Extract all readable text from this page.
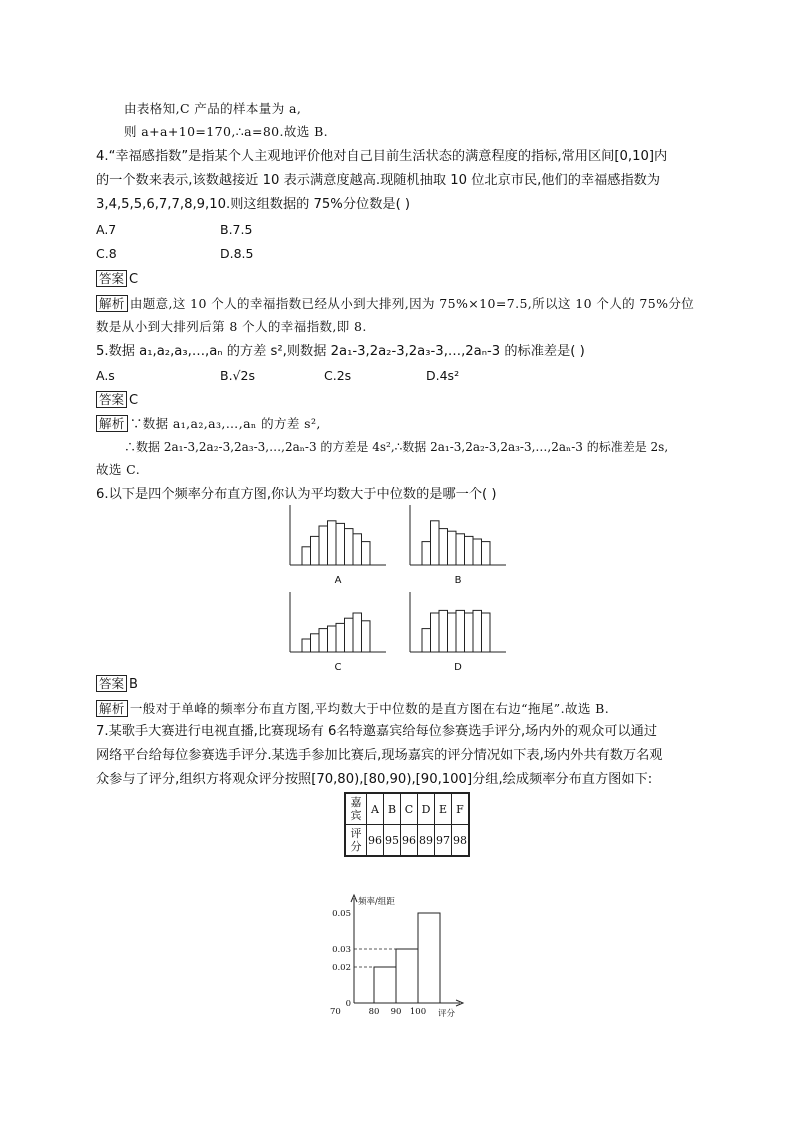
由表格知,C 产品的样本量为 a,
则 a+a+10=170,∴a=80.故选 B.
4.“幸福感指数”是指某个人主观地评价他对自己目前生活状态的满意程度的指标,常用区间[0,10]内
的一个数来表示,该数越接近 10 表示满意度越高.现随机抽取 10 位北京市民,他们的幸福感指数为
3,4,5,5,6,7,7,8,9,10.则这组数据的 75%分位数是( )
A.7	B.7.5
C.8	D.8.5
答案 C
解析 由题意,这 10 个人的幸福指数已经从小到大排列,因为 75%×10=7.5,所以这 10 个人的 75%分位
数是从小到大排列后第 8 个人的幸福指数,即 8.
5.数据 a₁,a₂,a₃,…,aₙ 的方差 s²,则数据 2a₁-3,2a₂-3,2a₃-3,…,2aₙ-3 的标准差是( )
A.s	B.√2s	C.2s	D.4s²
答案 C
解析 ∵数据 a₁,a₂,a₃,…,aₙ 的方差 s²,
∴数据 2a₁-3,2a₂-3,2a₃-3,…,2aₙ-3 的方差是 4s²,∴数据 2a₁-3,2a₂-3,2a₃-3,…,2aₙ-3 的标准差是 2s,
故选 C.
6.以下是四个频率分布直方图,你认为平均数大于中位数的是哪一个( )
A	B
C	D
答案 B
解析 一般对于单峰的频率分布直方图,平均数大于中位数的是直方图在右边“拖尾”.故选 B.
7.某歌手大赛进行电视直播,比赛现场有 6名特邀嘉宾给每位参赛选手评分,场内外的观众可以通过
网络平台给每位参赛选手评分.某选手参加比赛后,现场嘉宾的评分情况如下表,场内外共有数万名观
众参与了评分,组织方将观众评分按照[70,80),[80,90),[90,100]分组,绘成频率分布直方图如下:
嘉宾	A	B	C	D	E	F
评分	96	95	96	89	97	98
0.05
0.03
0.02
0
70	80 90 100
频率/组距
评分
